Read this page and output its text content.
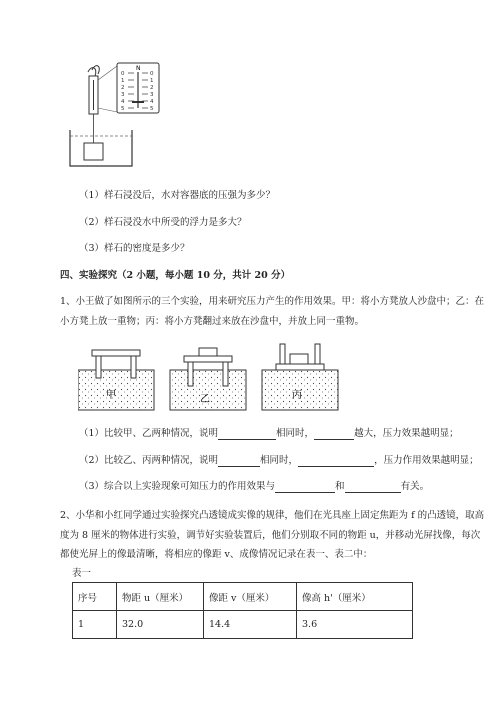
N
0
1
2
3
4
5
0
1
2
3
4
5
（1）样石浸没后，水对容器底的压强为多少？
（2）样石浸没水中所受的浮力是多大？
（3）样石的密度是多少？
四、实验探究（2 小题，每小题 10 分，共计 20 分）
1、小王做了如图所示的三个实验，用来研究压力产生的作用效果。甲：将小方凳放人沙盘中；乙：在
小方凳上放一重物；丙：将小方凳翻过来放在沙盘中，并放上同一重物。
甲	乙	丙
（1）比较甲、乙两种情况，说明	相同时，	越大，压力效果越明显；
（2）比较乙、丙两种情况，说明	相同时，	，压力作用效果越明显；
（3）综合以上实验现象可知压力的作用效果与	和	有关。
2、小华和小红同学通过实验探究凸透镜成实像的规律，他们在光具座上固定焦距为 f 的凸透镜，取高
度为 8 厘米的物体进行实验，调节好实验装置后，他们分别取不同的物距 u，并移动光屏找像，每次
都使光屏上的像最清晰，将相应的像距 v、成像情况记录在表一、表二中：
表一
序号	物距 u（厘米）	像距 v（厘米）	像高 h'（厘米）
1	32.0	14.4	3.6
